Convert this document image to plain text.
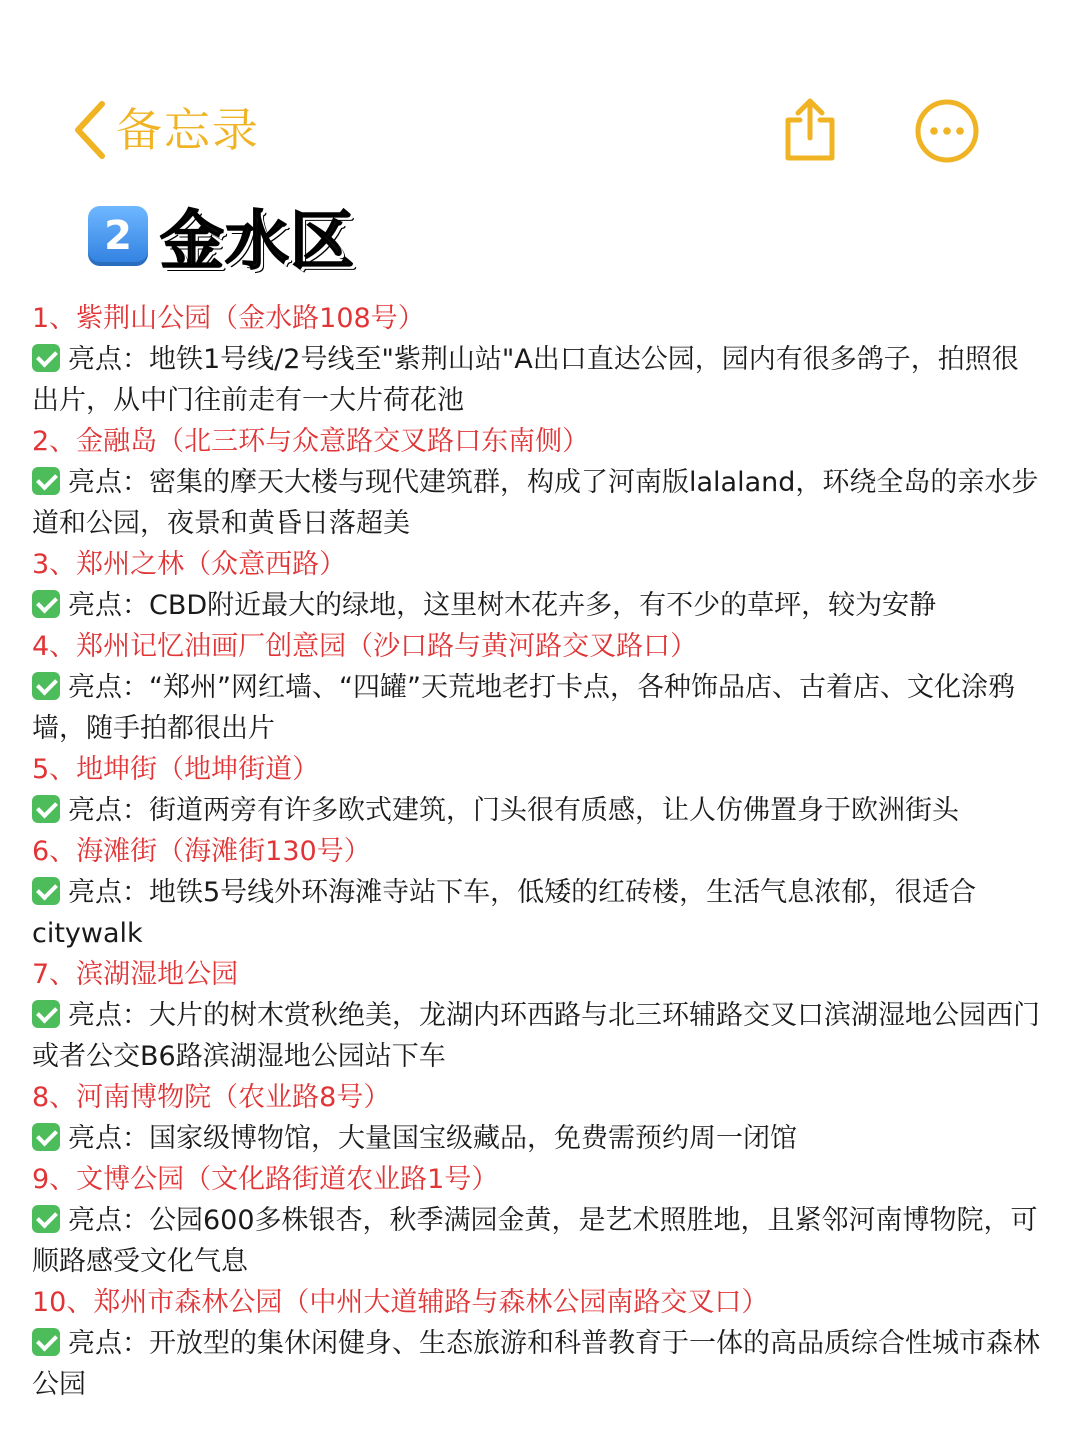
备忘录
2 金水区
1、紫荆山公园（金水路108号）
亮点：地铁1号线/2号线至"紫荆山站"A出口直达公园，园内有很多鸽子，拍照很出片，从中门往前走有一大片荷花池
2、金融岛（北三环与众意路交叉路口东南侧）
亮点：密集的摩天大楼与现代建筑群，构成了河南版lalaland，环绕全岛的亲水步道和公园，夜景和黄昏日落超美
3、郑州之林（众意西路）
亮点：CBD附近最大的绿地，这里树木花卉多，有不少的草坪，较为安静
4、郑州记忆油画厂创意园（沙口路与黄河路交叉路口）
亮点：“郑州”网红墙、“四罐”天荒地老打卡点，各种饰品店、古着店、文化涂鸦墙，随手拍都很出片
5、地坤街（地坤街道）
亮点：街道两旁有许多欧式建筑，门头很有质感，让人仿佛置身于欧洲街头
6、海滩街（海滩街130号）
亮点：地铁5号线外环海滩寺站下车，低矮的红砖楼，生活气息浓郁，很适合citywalk
7、滨湖湿地公园
亮点：大片的树木赏秋绝美，龙湖内环西路与北三环辅路交叉口滨湖湿地公园西门或者公交B6路滨湖湿地公园站下车
8、河南博物院（农业路8号）
亮点：国家级博物馆，大量国宝级藏品，免费需预约周一闭馆
9、文博公园（文化路街道农业路1号）
亮点：公园600多株银杏，秋季满园金黄，是艺术照胜地，且紧邻河南博物院，可顺路感受文化气息
10、郑州市森林公园（中州大道辅路与森林公园南路交叉口）
亮点：开放型的集休闲健身、生态旅游和科普教育于一体的高品质综合性城市森林公园
